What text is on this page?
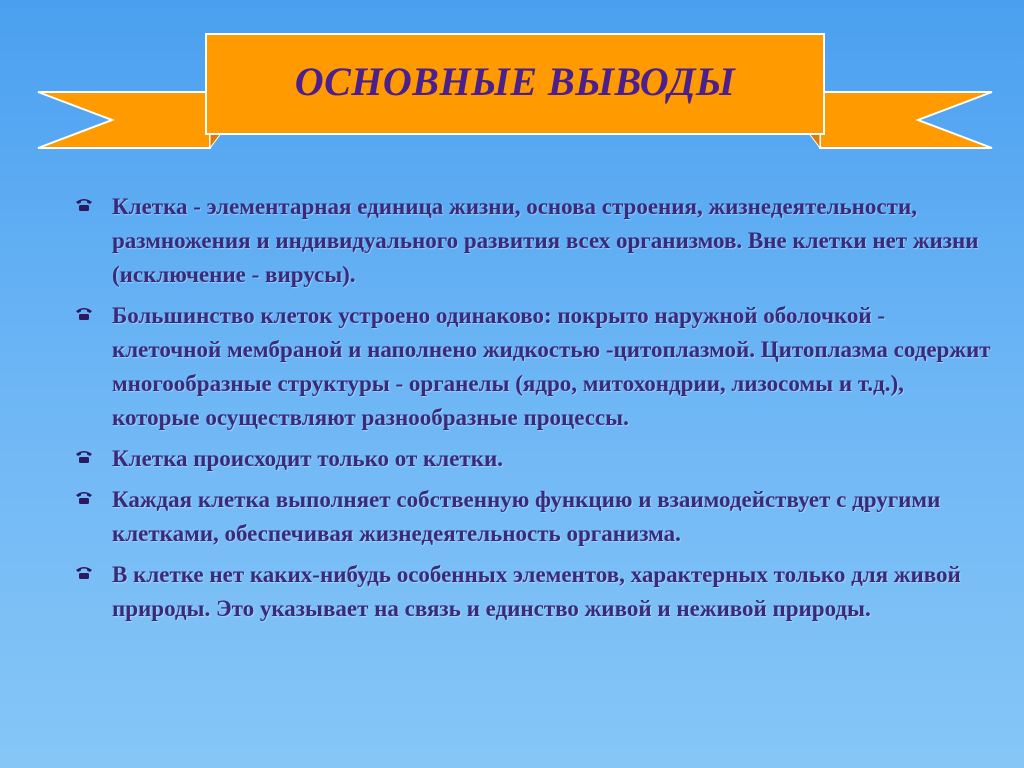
ОСНОВНЫЕ ВЫВОДЫ
Клетка - элементарная единица жизни, основа строения, жизнедеятельности, размножения и индивидуального развития всех организмов. Вне клетки нет жизни (исключение - вирусы).
Большинство клеток устроено одинаково: покрыто наружной оболочкой - клеточной мембраной и наполнено жидкостью -цитоплазмой. Цитоплазма содержит многообразные структуры - органелы (ядро, митохондрии, лизосомы и т.д.), которые осуществляют разнообразные процессы.
Клетка происходит только от клетки.
Каждая клетка выполняет собственную функцию и взаимодействует с другими клетками, обеспечивая жизнедеятельность организма.
В клетке нет каких-нибудь особенных элементов, характерных только для живой природы. Это указывает на связь и единство живой и неживой природы.
